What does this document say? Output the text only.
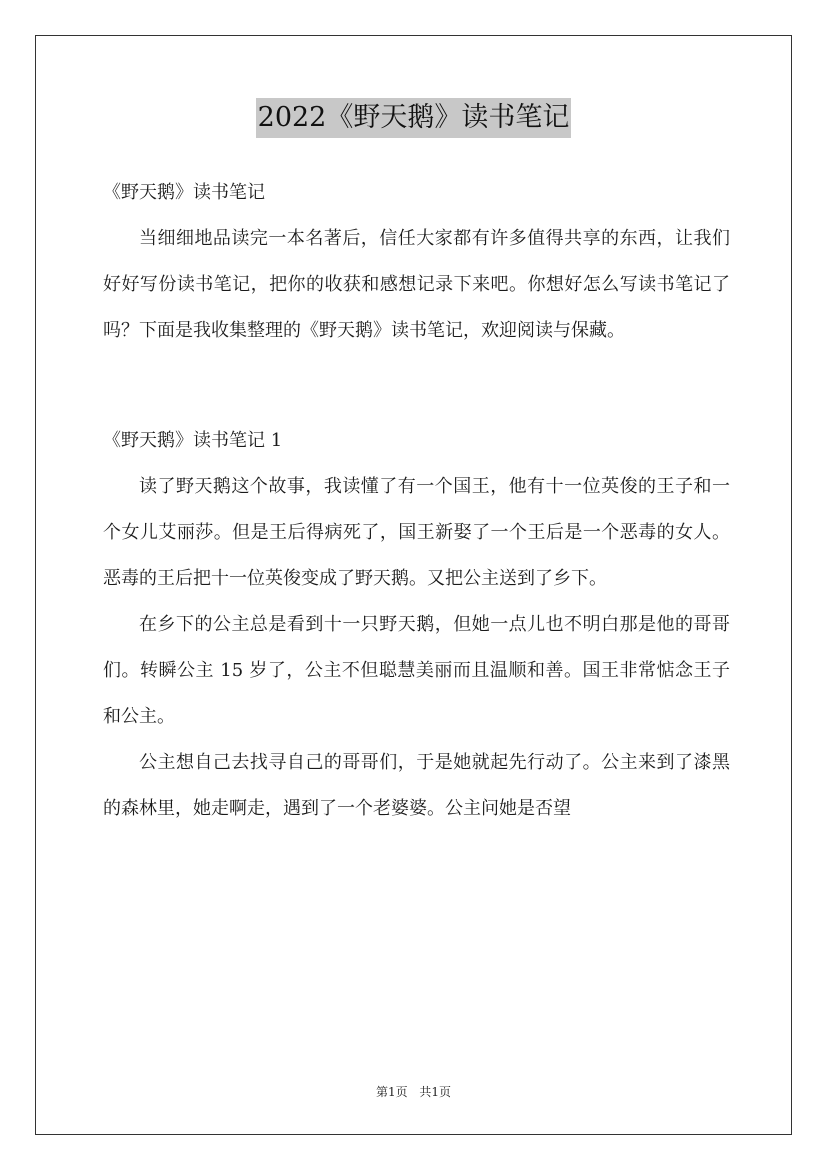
2022《野天鹅》读书笔记

《野天鹅》读书笔记

当细细地品读完一本名著后，信任大家都有许多值得共享的东西，让我们好好写份读书笔记，把你的收获和感想记录下来吧。你想好怎么写读书笔记了吗？下面是我收集整理的《野天鹅》读书笔记，欢迎阅读与保藏。

《野天鹅》读书笔记 1

读了野天鹅这个故事，我读懂了有一个国王，他有十一位英俊的王子和一个女儿艾丽莎。但是王后得病死了，国王新娶了一个王后是一个恶毒的女人。恶毒的王后把十一位英俊变成了野天鹅。又把公主送到了乡下。

在乡下的公主总是看到十一只野天鹅，但她一点儿也不明白那是他的哥哥们。转瞬公主 15 岁了，公主不但聪慧美丽而且温顺和善。国王非常惦念王子和公主。

公主想自己去找寻自己的哥哥们，于是她就起先行动了。公主来到了漆黑的森林里，她走啊走，遇到了一个老婆婆。公主问她是否望

第1页 共1页
